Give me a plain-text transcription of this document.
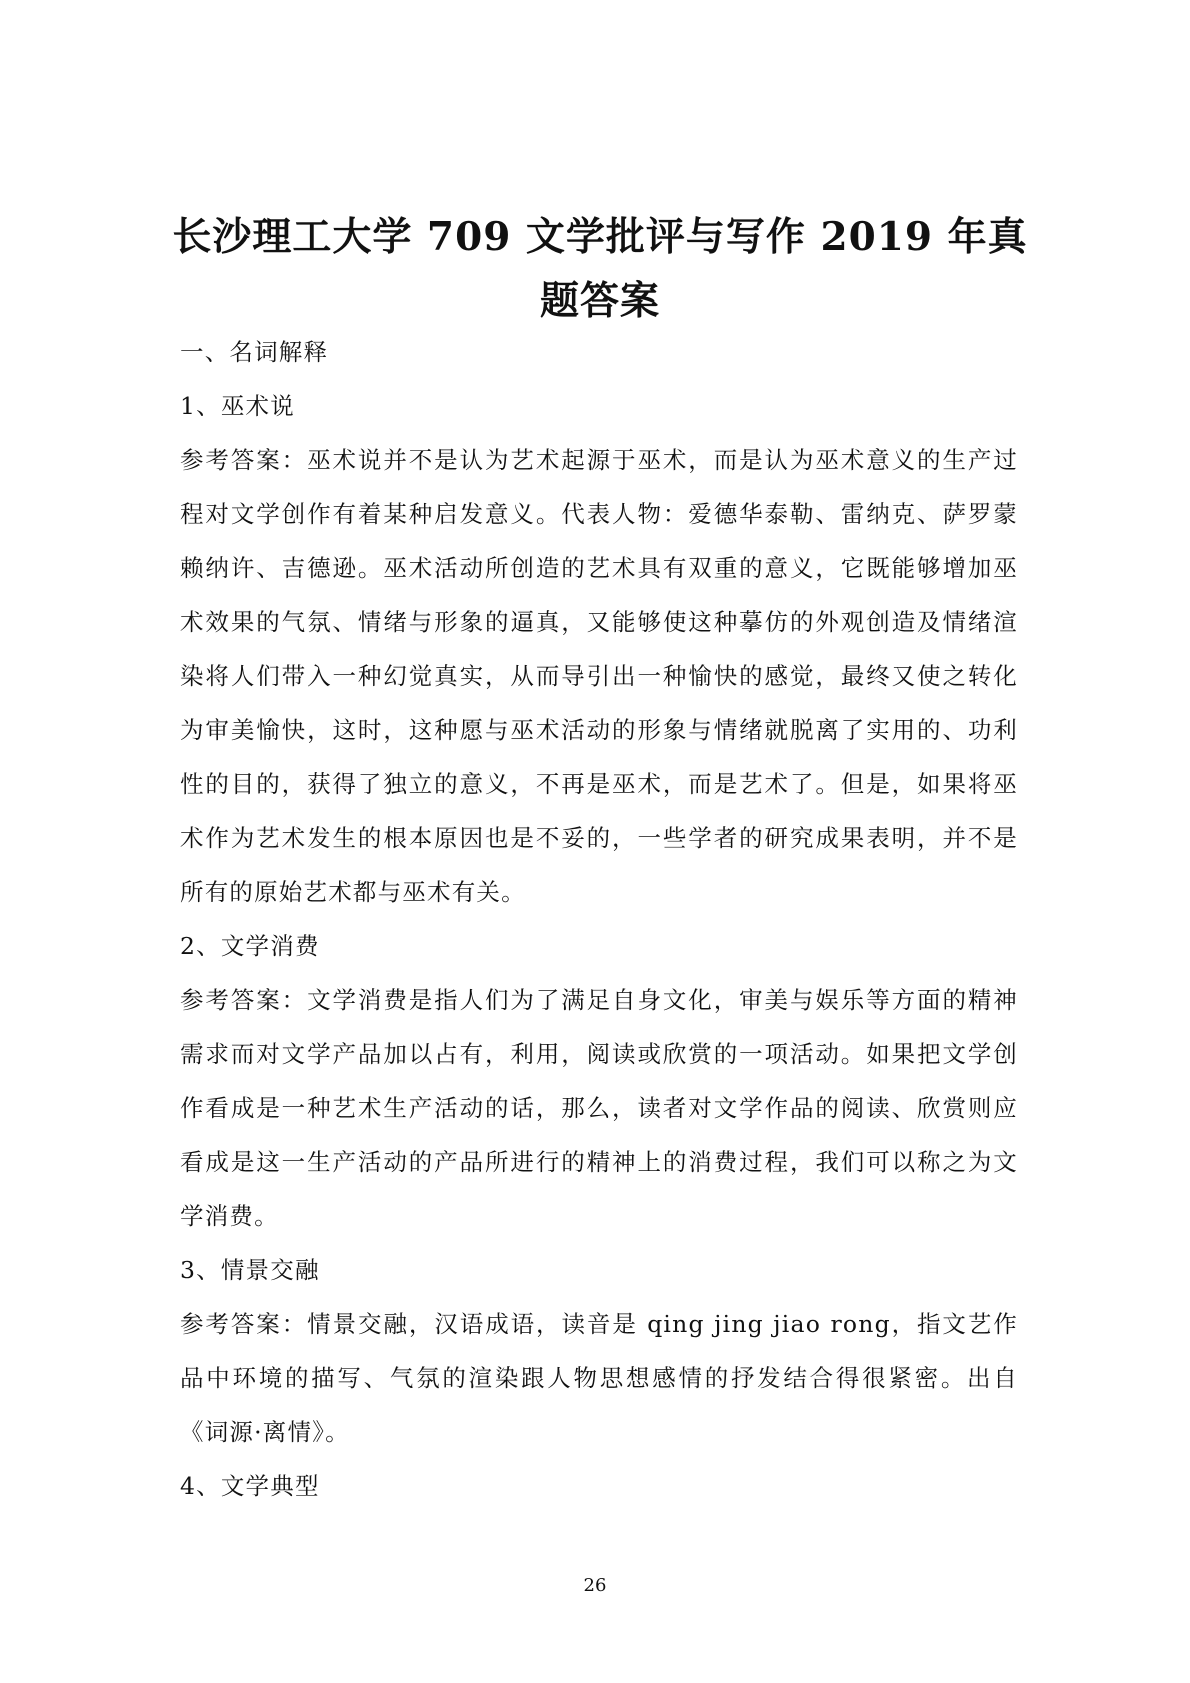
长沙理工大学 709 文学批评与写作 2019 年真题答案

一、名词解释

1、巫术说

参考答案：巫术说并不是认为艺术起源于巫术，而是认为巫术意义的生产过程对文学创作有着某种启发意义。代表人物：爱德华泰勒、雷纳克、萨罗蒙赖纳许、吉德逊。巫术活动所创造的艺术具有双重的意义，它既能够增加巫术效果的气氛、情绪与形象的逼真，又能够使这种摹仿的外观创造及情绪渲染将人们带入一种幻觉真实，从而导引出一种愉快的感觉，最终又使之转化为审美愉快，这时，这种愿与巫术活动的形象与情绪就脱离了实用的、功利性的目的，获得了独立的意义，不再是巫术，而是艺术了。但是，如果将巫术作为艺术发生的根本原因也是不妥的，一些学者的研究成果表明，并不是所有的原始艺术都与巫术有关。

2、文学消费

参考答案：文学消费是指人们为了满足自身文化，审美与娱乐等方面的精神需求而对文学产品加以占有，利用，阅读或欣赏的一项活动。如果把文学创作看成是一种艺术生产活动的话，那么，读者对文学作品的阅读、欣赏则应看成是这一生产活动的产品所进行的精神上的消费过程，我们可以称之为文学消费。

3、情景交融

参考答案：情景交融，汉语成语，读音是 qing jing jiao rong，指文艺作品中环境的描写、气氛的渲染跟人物思想感情的抒发结合得很紧密。出自《词源·离情》。

4、文学典型

26
